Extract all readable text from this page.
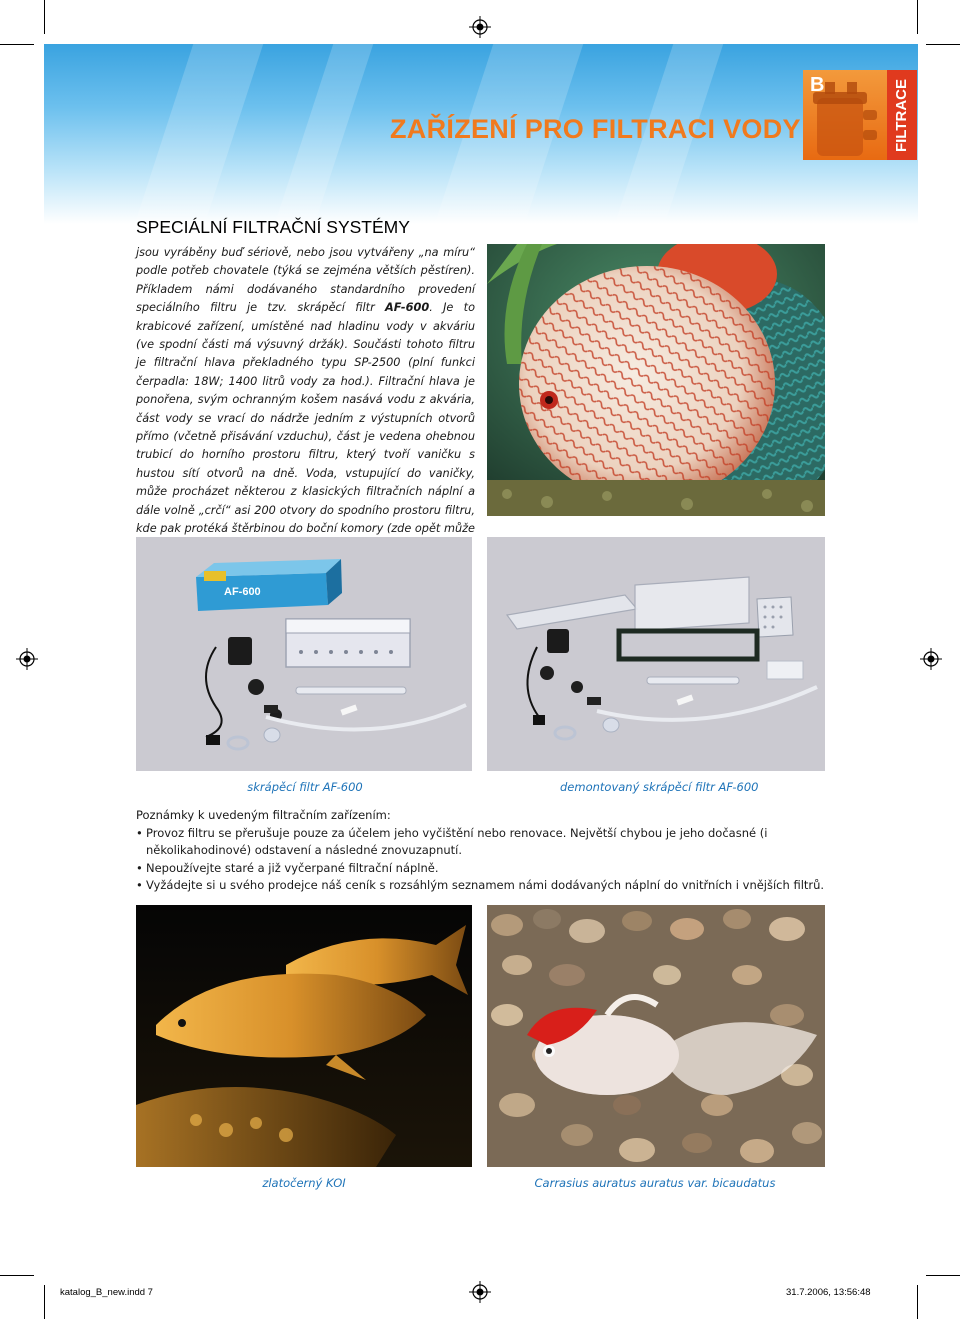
ZAŘÍZENÍ PRO FILTRACI VODY
B	FILTRACE
SPECIÁLNÍ FILTRAČNÍ SYSTÉMY
jsou vyráběny buď sériově, nebo jsou vytvářeny „na míru“ podle potřeb chovatele (týká se zejména větších pěstíren). Příkladem námi dodávaného standardního provedení speciálního filtru je tzv. skrápěcí filtr AF-600. Je to krabicové zařízení, umístěné nad hladinu vody v akváriu (ve spodní části má výsuvný držák). Součásti tohoto filtru je filtrační hlava překladného typu SP-2500 (plní funkci čerpadla: 18W; 1400 litrů vody za hod.). Filtrační hlava je ponořena, svým ochranným košem nasává vodu z akvária, část vody se vrací do nádrže jedním z výstupních otvorů přímo (včetně přisávání vzduchu), část je vedena ohebnou trubicí do horního prostoru filtru, který tvoří vaničku s hustou sítí otvorů na dně. Voda, vstupující do vaničky, může procházet některou z klasických filtračních náplní a dále volně „crčí“ asi 200 otvory do spodního prostoru filtru, kde pak protéká štěrbinou do boční komory (zde opět může
AF-600
skrápěcí filtr AF-600	demontovaný skrápěcí filtr AF-600
Poznámky k uvedeným filtračním zařízením:
• Provoz filtru se přerušuje pouze za účelem jeho vyčištění nebo renovace. Největší chybou je jeho dočasné (i několikahodinové) odstavení a následné znovuzapnutí.
• Nepoužívejte staré a již vyčerpané filtrační náplně.
• Vyžádejte si u svého prodejce náš ceník s rozsáhlým seznamem námi dodávaných náplní do vnitřních i vnějších filtrů.
zlatočerný KOI	Carrasius auratus auratus var. bicaudatus
katalog_B_new.indd 7	31.7.2006, 13:56:48
